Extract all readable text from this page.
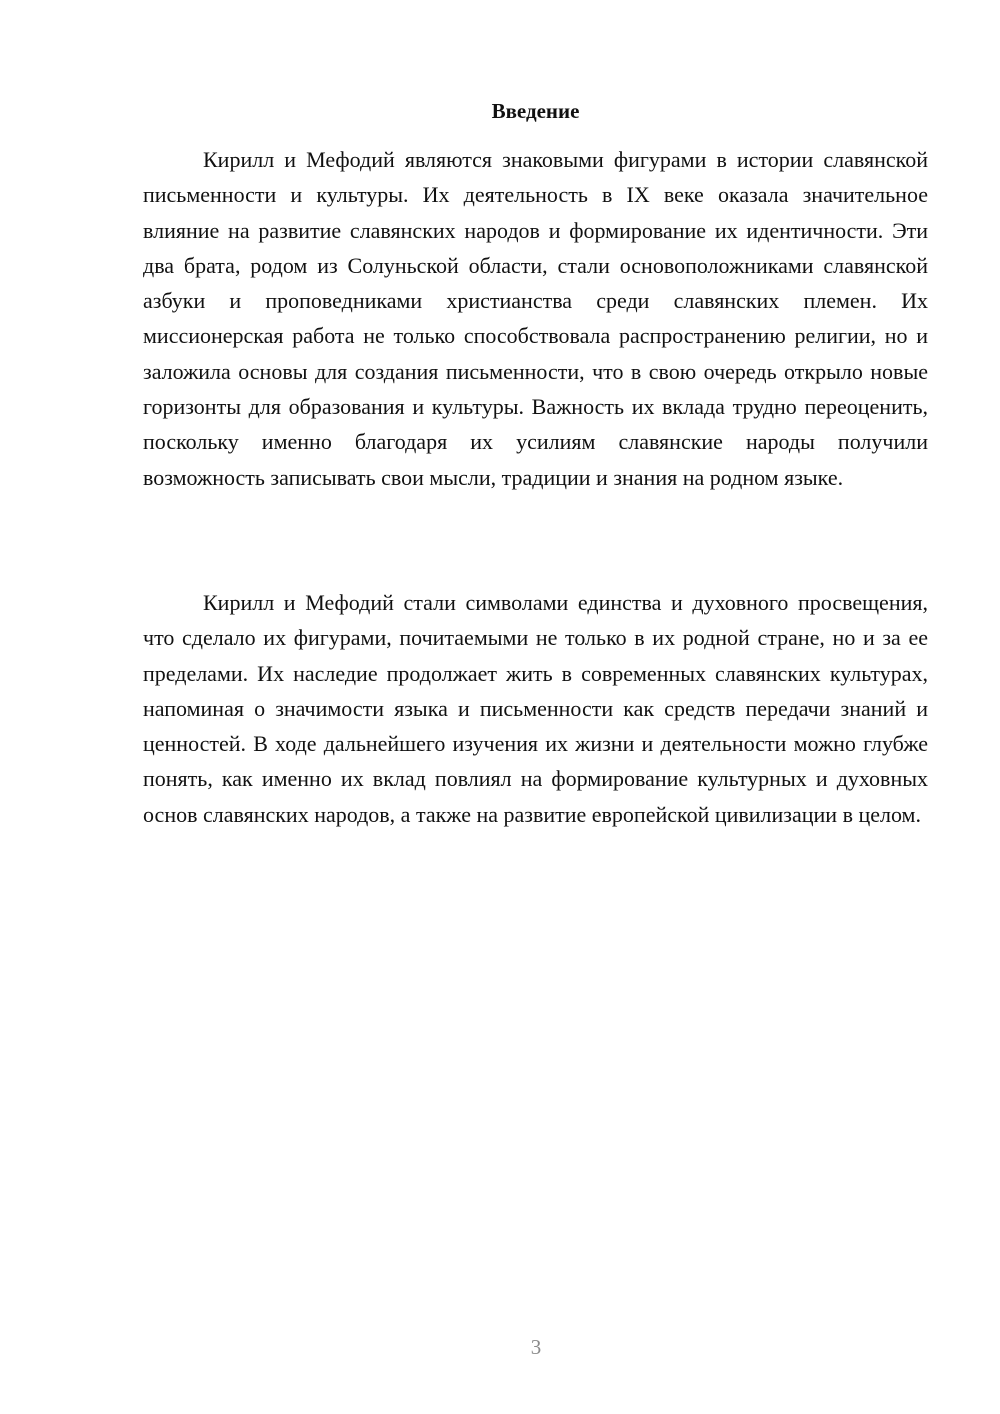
Введение

Кирилл и Мефодий являются знаковыми фигурами в истории славянской письменности и культуры. Их деятельность в IX веке оказала значительное влияние на развитие славянских народов и формирование их идентичности. Эти два брата, родом из Солуньской области, стали основоположниками славянской азбуки и проповедниками христианства среди славянских племен. Их миссионерская работа не только способствовала распространению религии, но и заложила основы для создания письменности, что в свою очередь открыло новые горизонты для образования и культуры. Важность их вклада трудно переоценить, поскольку именно благодаря их усилиям славянские народы получили возможность записывать свои мысли, традиции и знания на родном языке.

Кирилл и Мефодий стали символами единства и духовного просвещения, что сделало их фигурами, почитаемыми не только в их родной стране, но и за ее пределами. Их наследие продолжает жить в современных славянских культурах, напоминая о значимости языка и письменности как средств передачи знаний и ценностей. В ходе дальнейшего изучения их жизни и деятельности можно глубже понять, как именно их вклад повлиял на формирование культурных и духовных основ славянских народов, а также на развитие европейской цивилизации в целом.

3
